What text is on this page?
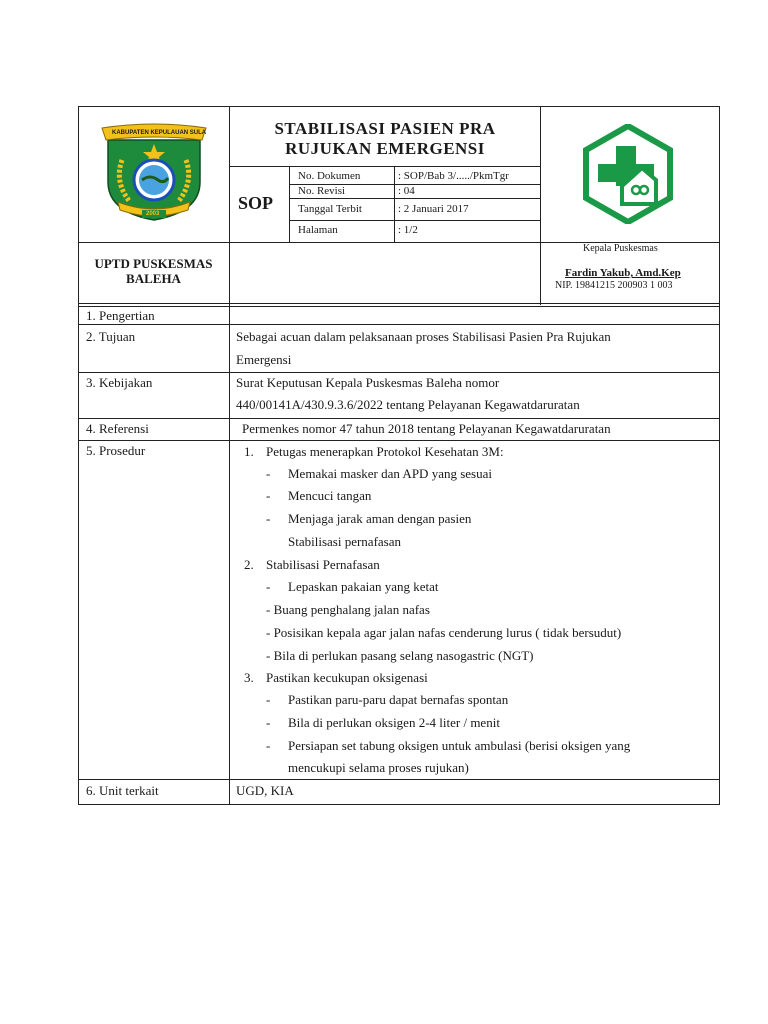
KABUPATEN KEPULAUAN SULA
2003
STABILISASI PASIEN PRA
RUJUKAN EMERGENSI
SOP
No. Dokumen	: SOP/Bab 3/...../PkmTgr
No. Revisi	: 04
Tanggal Terbit	: 2 Januari 2017
Halaman	: 1/2
UPTD PUSKESMAS
BALEHA
Kepala Puskesmas
Fardin Yakub, Amd.Kep
NIP. 19841215 200903 1 003
1. Pengertian
2. Tujuan	Sebagai acuan dalam pelaksanaan proses Stabilisasi Pasien Pra Rujukan
Emergensi
3. Kebijakan	Surat Keputusan Kepala Puskesmas Baleha nomor
440/00141A/430.9.3.6/2022 tentang Pelayanan Kegawatdaruratan
4. Referensi	Permenkes nomor 47 tahun 2018 tentang Pelayanan Kegawatdaruratan
5. Prosedur	1. Petugas menerapkan Protokol Kesehatan 3M:
- Memakai masker dan APD yang sesuai
- Mencuci tangan
- Menjaga jarak aman dengan pasien
Stabilisasi pernafasan
2. Stabilisasi Pernafasan
- Lepaskan pakaian yang ketat
- Buang penghalang jalan nafas
- Posisikan kepala agar jalan nafas cenderung lurus ( tidak bersudut)
- Bila di perlukan pasang selang nasogastric (NGT)
3. Pastikan kecukupan oksigenasi
- Pastikan paru-paru dapat bernafas spontan
- Bila di perlukan oksigen 2-4 liter / menit
- Persiapan set tabung oksigen untuk ambulasi (berisi oksigen yang
mencukupi selama proses rujukan)
6. Unit terkait	UGD, KIA
